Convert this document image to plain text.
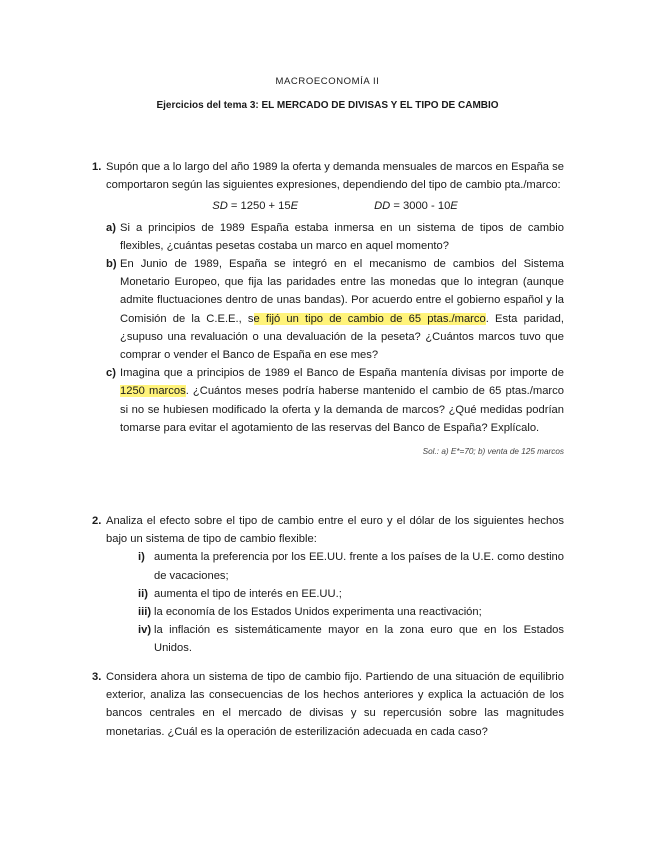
MACROECONOMÍA II
Ejercicios del tema 3: EL MERCADO DE DIVISAS Y EL TIPO DE CAMBIO
1. Supón que a lo largo del año 1989 la oferta y demanda mensuales de marcos en España se comportaron según las siguientes expresiones, dependiendo del tipo de cambio pta./marco:
SD = 1250 + 15E	DD = 3000 - 10E
a) Si a principios de 1989 España estaba inmersa en un sistema de tipos de cambio flexibles, ¿cuántas pesetas costaba un marco en aquel momento?
b) En Junio de 1989, España se integró en el mecanismo de cambios del Sistema Monetario Europeo, que fija las paridades entre las monedas que lo integran (aunque admite fluctuaciones dentro de unas bandas). Por acuerdo entre el gobierno español y la Comisión de la C.E.E., se fijó un tipo de cambio de 65 ptas./marco. Esta paridad, ¿supuso una revaluación o una devaluación de la peseta? ¿Cuántos marcos tuvo que comprar o vender el Banco de España en ese mes?
c) Imagina que a principios de 1989 el Banco de España mantenía divisas por importe de 1250 marcos. ¿Cuántos meses podría haberse mantenido el cambio de 65 ptas./marco si no se hubiesen modificado la oferta y la demanda de marcos? ¿Qué medidas podrían tomarse para evitar el agotamiento de las reservas del Banco de España? Explícalo.
Sol.: a) E*=70; b) venta de 125 marcos
2. Analiza el efecto sobre el tipo de cambio entre el euro y el dólar de los siguientes hechos bajo un sistema de tipo de cambio flexible:
i) aumenta la preferencia por los EE.UU. frente a los países de la U.E. como destino de vacaciones;
ii) aumenta el tipo de interés en EE.UU.;
iii) la economía de los Estados Unidos experimenta una reactivación;
iv) la inflación es sistemáticamente mayor en la zona euro que en los Estados Unidos.
3. Considera ahora un sistema de tipo de cambio fijo. Partiendo de una situación de equilibrio exterior, analiza las consecuencias de los hechos anteriores y explica la actuación de los bancos centrales en el mercado de divisas y su repercusión sobre las magnitudes monetarias. ¿Cuál es la operación de esterilización adecuada en cada caso?
